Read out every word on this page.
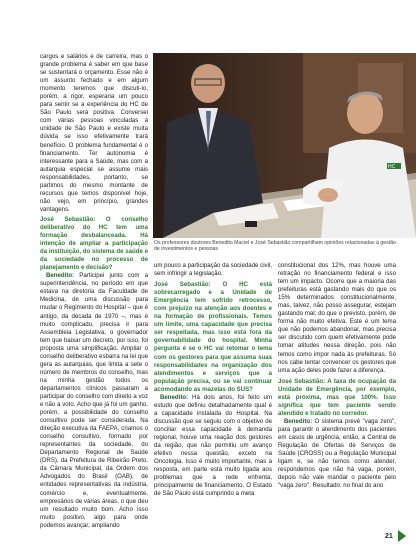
cargos e salários e de carreira, mas o grande problema é saber em que base se sustentará o orçamento. Esse não é um assunto fechado e em algum momento teremos que discuti-lo, porém, a rigor, esperaria um pouco para sentir se a experiência do HC de São Paulo será positiva. Conversei com várias pessoas vinculadas à unidade de São Paulo e existe muita dúvida se isso efetivamente trará benefício. O problema fundamental é o financiamento. Ter autonomia é interessante para a Saúde, mas com a autarquia especial se assume mais responsabilidades, portanto, se partimos do mesmo montante de recursos que temos disponível hoje, não vejo, em princípio, grandes vantagens.

José Sebastião: O conselho deliberativo do HC tem uma formação desbalanceada. Há intenção de ampliar a participação da instituição, do sistema de saúde e da sociedade no processo de planejamento e decisão?

Benedito: Participei junto com a superintendência, no período em que estava na diretoria da Faculdade de Medicina, de uma discussão para mudar o Regimento do Hospital – que é antigo, da década de 1970 –, mas é muito complicado, precisa ir para Assembleia Legislativa, o governador tem que baixar um decreto, por isso, foi proposta uma simplificação. Ampliar o conselho deliberativo esbarra na lei que gera as autarquias, que limita a sete o número de membros do conselho, mas na minha gestão todos os departamentos clínicos passaram a participar do conselho com direito a voz e não a voto. Acho que já foi um ganho, porém, a possibilidade do conselho consultivo pode ser considerada. Na direção executiva da FAEPA, criamos o conselho consultivo, formado por representantes da sociedade, do Departamento Regional de Saúde (DRS), da Prefeitura de Ribeirão Preto, da Câmara Municipal, da Ordem dos Advogados do Brasil (OAB), de entidades representativas da indústria, comércio e, eventualmente, empresários de várias áreas, o que deu um resultado muito bom. Acho isso muito positivo, algo para onde podemos avançar, ampliando

HC
Os professores doutores Benedito Maciel e José Sebastião compartilham opiniões relacionadas à gestão de investimentos e pessoas

um pouco a participação da sociedade civil, sem infringir a legislação.

José Sebastião: O HC está sobrecarregado e a Unidade de Emergência tem sofrido retrocesso, com prejuízo na atenção aos doentes e na formação de profissionais. Temos um limite, uma capacidade que precisa ser respeitada, mas isso está fora da governabilidade do hospital. Minha pergunta é se o HC vai retomar o tema com os gestores para que assuma suas responsabilidades na organização dos atendimentos e serviços que a população precisa, ou se vai continuar acomodando as mazelas do SUS?

Benedito: Há dois anos, foi feito um estudo que definiu detalhadamente qual é a capacidade instalada do Hospital. Na discussão que se seguiu com o objetivo de conciliar essa capacidade à demanda regional, houve uma reação dos gestores da região, que não permitiu um avanço efetivo nessa questão, exceto na Oncologia. Isso é muito importante, mas a resposta, em parte está muito ligada aos problemas que a rede enfrenta, principalmente de financiamento. O Estado de São Paulo está cumprindo a meta

constitucional dos 12%, mas houve uma retração no financiamento federal e isso tem um impacto. Ocorre que a maioria das prefeituras está gastando mais do que os 15% determinados constitucionalmente, mas, talvez, não posso assegurar, estejam gastando mal; do que o previsto, porém, de forma não muito efetiva. Este é um tema que não podemos abandonar, mas precisa ser discutido com quem efetivamente pode tomar atitudes nessa direção, pois não temos como impor nada às prefeituras. Só nos cabe tentar convencer os gestores que uma ação deles pode fazer a diferença.

José Sebastião: A taxa de ocupação da Unidade de Emergência, por exemplo, está próxima, mas que 100%. Isso significa que tem paciente sendo atendido e tratado no corredor.

Benedito: O sistema prevê "vaga zero", para garantir o atendimento dos pacientes em casos de urgência, então, a Central de Regulação de Ofertas de Serviços de Saúde (CROSS) ou a Regulação Municipal ligam e, se não temos como atender, respondemos que não há vaga, porém, depois não vale mandar o paciente pelo "vaga zero". Resultado: no final do ano

21
